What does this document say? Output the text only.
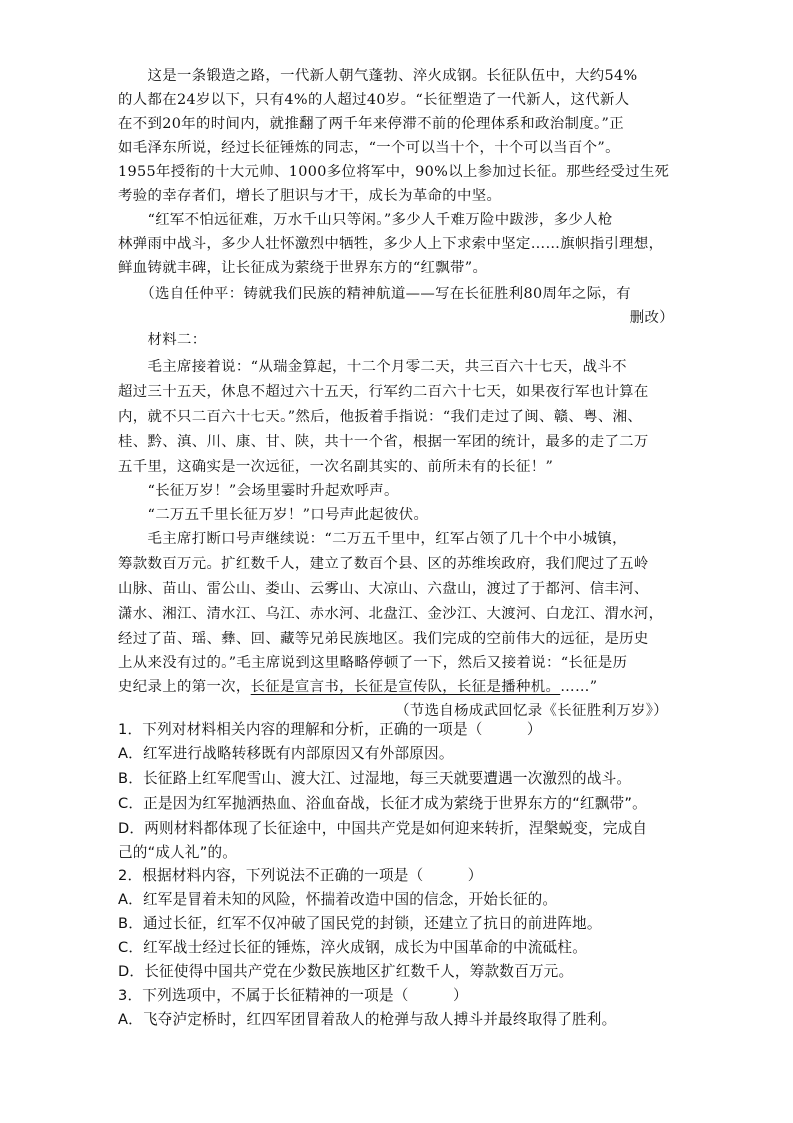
　　这是一条锻造之路，一代新人朝气蓬勃、淬火成钢。长征队伍中，大约54%
的人都在24岁以下，只有4%的人超过40岁。“长征塑造了一代新人，这代新人
在不到20年的时间内，就推翻了两千年来停滞不前的伦理体系和政治制度。”正
如毛泽东所说，经过长征锤炼的同志，“一个可以当十个，十个可以当百个”。
1955年授衔的十大元帅、1000多位将军中，90%以上参加过长征。那些经受过生死
考验的幸存者们，增长了胆识与才干，成长为革命的中坚。
　　“红军不怕远征难，万水千山只等闲。”多少人千难万险中跋涉，多少人枪
林弹雨中战斗，多少人壮怀激烈中牺牲，多少人上下求索中坚定……旗帜指引理想，
鲜血铸就丰碑，让长征成为萦绕于世界东方的“红飘带”。
　　（选自任仲平：铸就我们民族的精神航道——写在长征胜利80周年之际，有
删改）
　　材料二：
　　毛主席接着说：“从瑞金算起，十二个月零二天，共三百六十七天，战斗不
超过三十五天，休息不超过六十五天，行军约二百六十七天，如果夜行军也计算在
内，就不只二百六十七天。”然后，他扳着手指说：“我们走过了闽、赣、粤、湘、
桂、黔、滇、川、康、甘、陕，共十一个省，根据一军团的统计，最多的走了二万
五千里，这确实是一次远征，一次名副其实的、前所未有的长征！”
　　“长征万岁！”会场里霎时升起欢呼声。
　　“二万五千里长征万岁！”口号声此起彼伏。
　　毛主席打断口号声继续说：“二万五千里中，红军占领了几十个中小城镇，
筹款数百万元。扩红数千人，建立了数百个县、区的苏维埃政府，我们爬过了五岭
山脉、苗山、雷公山、娄山、云雾山、大凉山、六盘山，渡过了于都河、信丰河、
潇水、湘江、清水江、乌江、赤水河、北盘江、金沙江、大渡河、白龙江、渭水河，
经过了苗、瑶、彝、回、藏等兄弟民族地区。我们完成的空前伟大的远征，是历史
上从来没有过的。”毛主席说到这里略略停顿了一下，然后又接着说：“长征是历
史纪录上的第一次，长征是宣言书，长征是宣传队，长征是播种机。……”
（节选自杨成武回忆录《长征胜利万岁》）
1．下列对材料相关内容的理解和分析，正确的一项是（　　　）
A．红军进行战略转移既有内部原因又有外部原因。
B．长征路上红军爬雪山、渡大江、过湿地，每三天就要遭遇一次激烈的战斗。
C．正是因为红军抛洒热血、浴血奋战，长征才成为萦绕于世界东方的“红飘带”。
D．两则材料都体现了长征途中，中国共产党是如何迎来转折，涅槃蜕变，完成自
己的“成人礼”的。
2．根据材料内容，下列说法不正确的一项是（　　　）
A．红军是冒着未知的风险，怀揣着改造中国的信念，开始长征的。
B．通过长征，红军不仅冲破了国民党的封锁，还建立了抗日的前进阵地。
C．红军战士经过长征的锤炼，淬火成钢，成长为中国革命的中流砥柱。
D．长征使得中国共产党在少数民族地区扩红数千人，筹款数百万元。
3．下列选项中，不属于长征精神的一项是（　　　）
A．飞夺泸定桥时，红四军团冒着敌人的枪弹与敌人搏斗并最终取得了胜利。
